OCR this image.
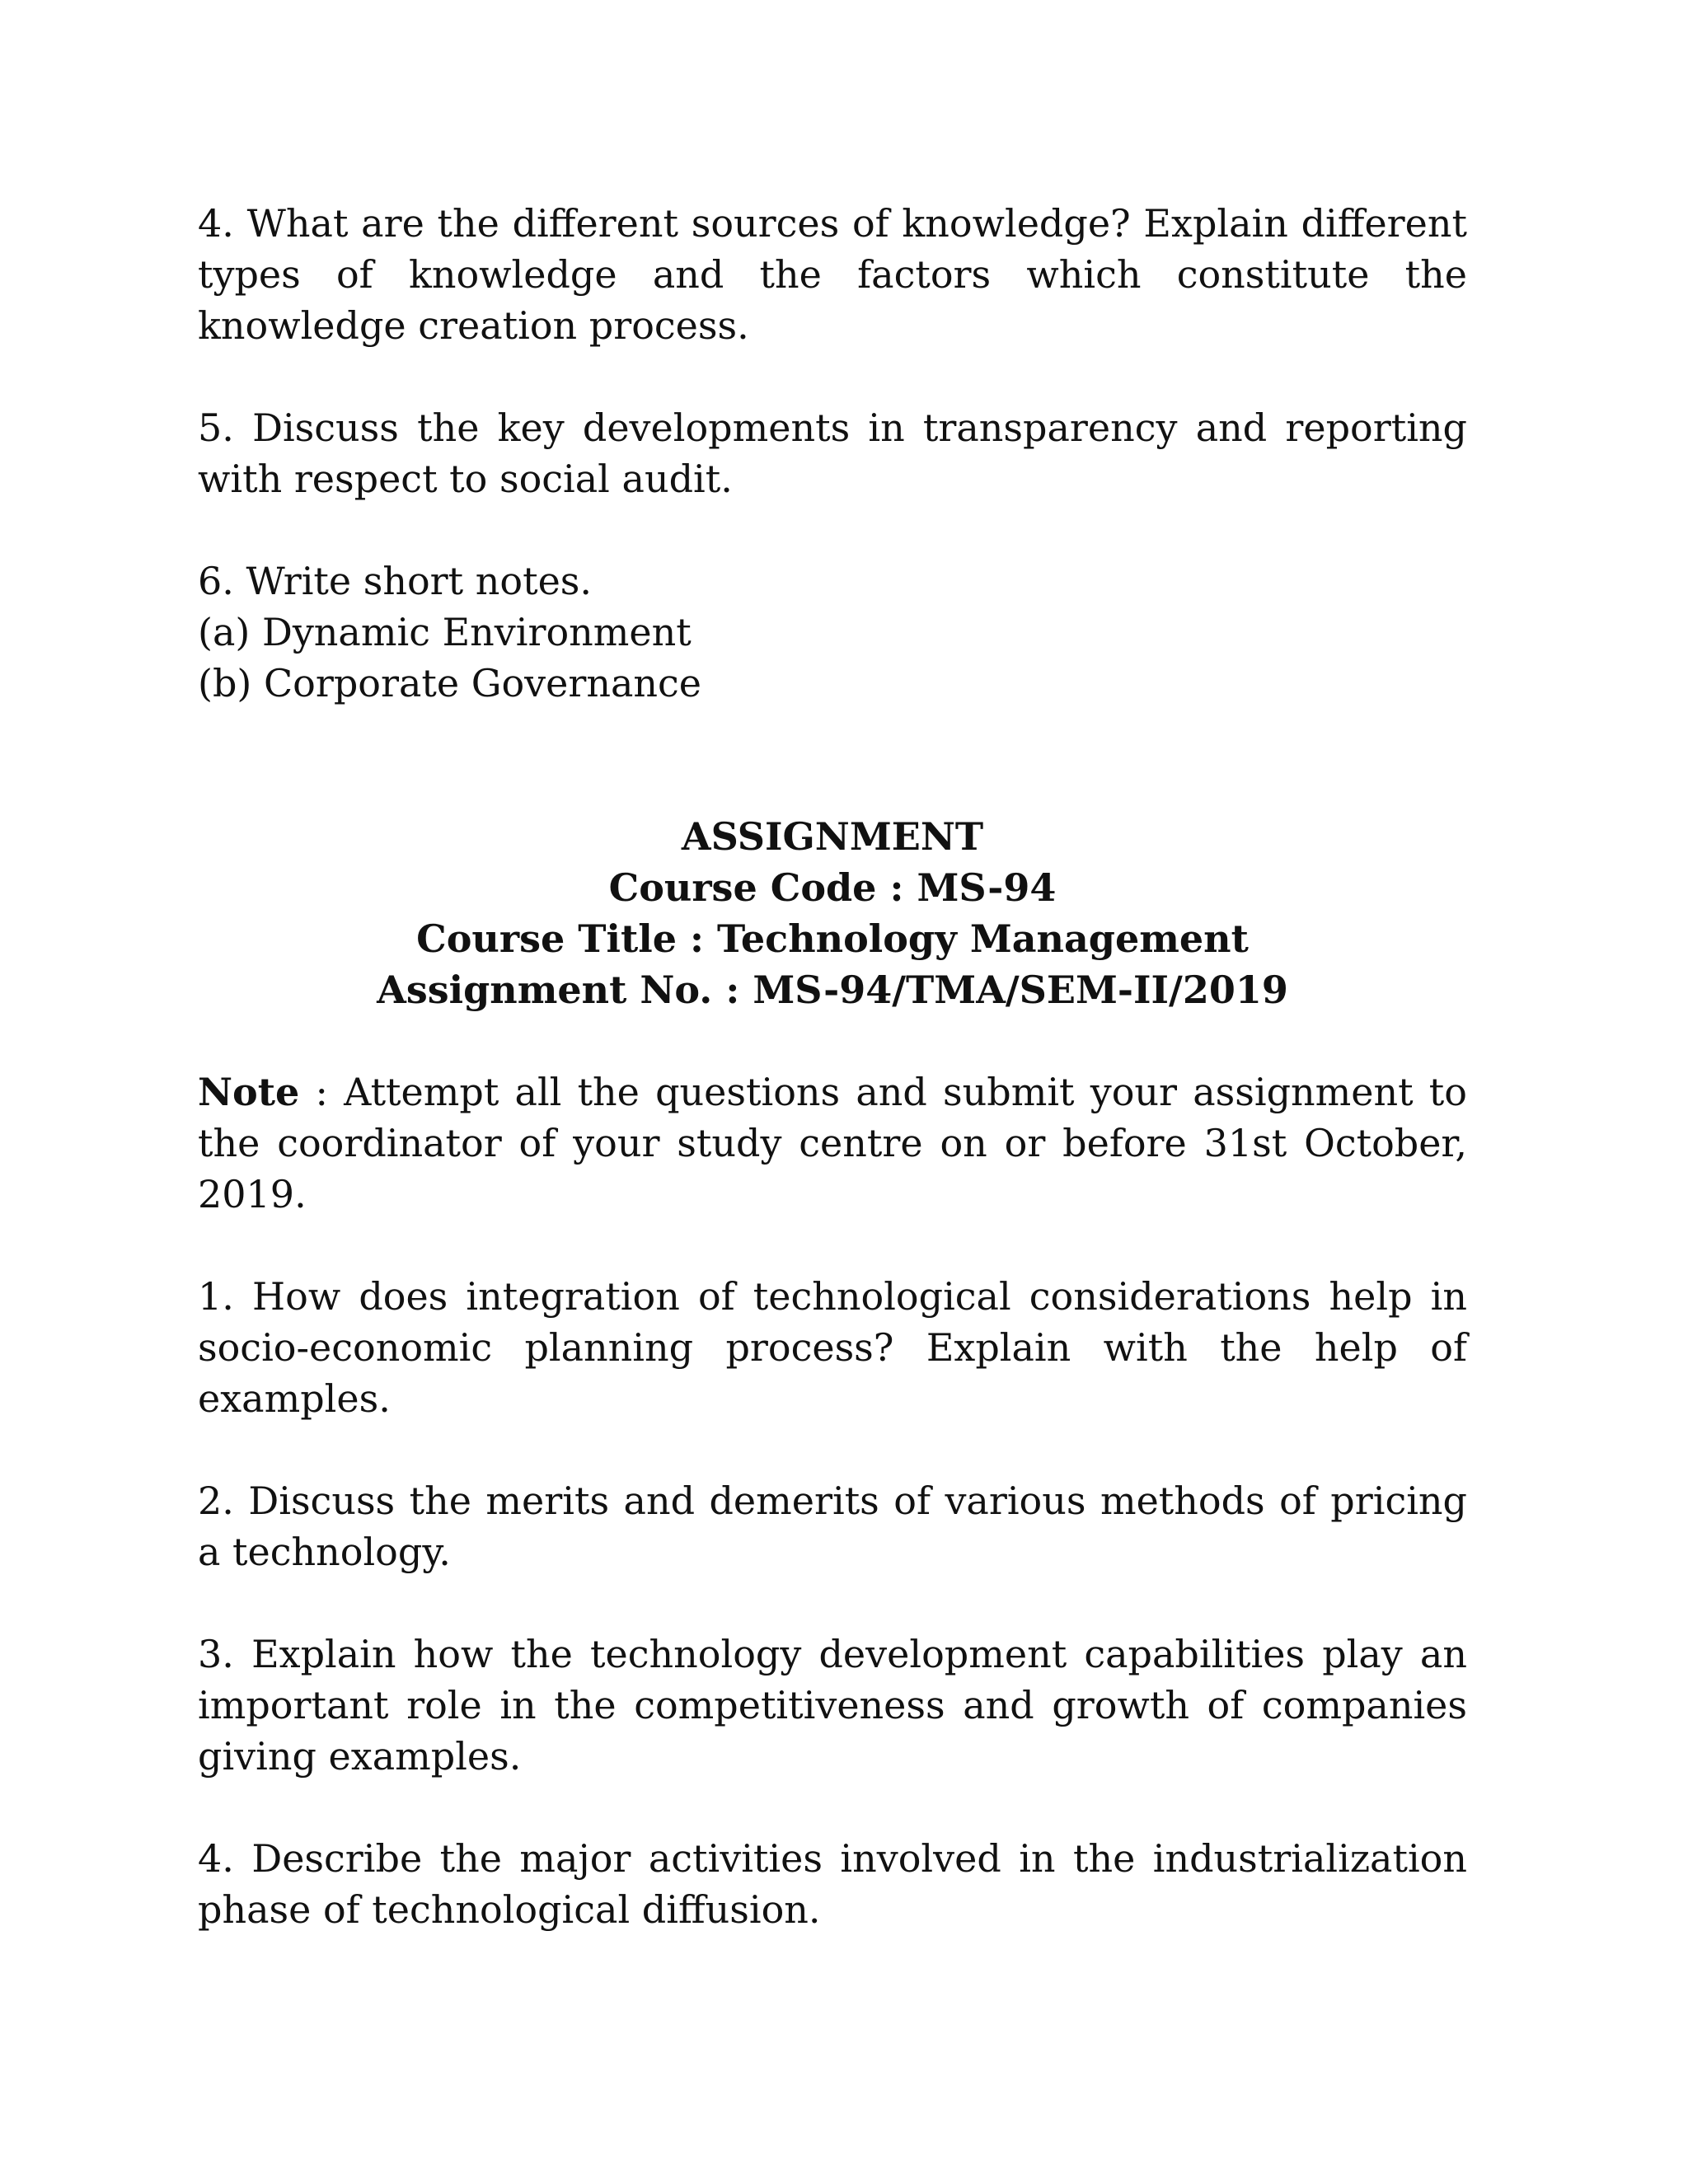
4. What are the different sources of knowledge? Explain different types of knowledge and the factors which constitute the knowledge creation process.

5. Discuss the key developments in transparency and reporting with respect to social audit.

6. Write short notes.
(a) Dynamic Environment
(b) Corporate Governance

ASSIGNMENT

Course Code : MS-94

Course Title : Technology Management

Assignment No. : MS-94/TMA/SEM-II/2019

Note : Attempt all the questions and submit your assignment to the coordinator of your study centre on or before 31st October, 2019.

1. How does integration of technological considerations help in socio-economic planning process? Explain with the help of examples.

2. Discuss the merits and demerits of various methods of pricing a technology.

3. Explain how the technology development capabilities play an important role in the competitiveness and growth of companies giving examples.

4. Describe the major activities involved in the industrialization phase of technological diffusion.
